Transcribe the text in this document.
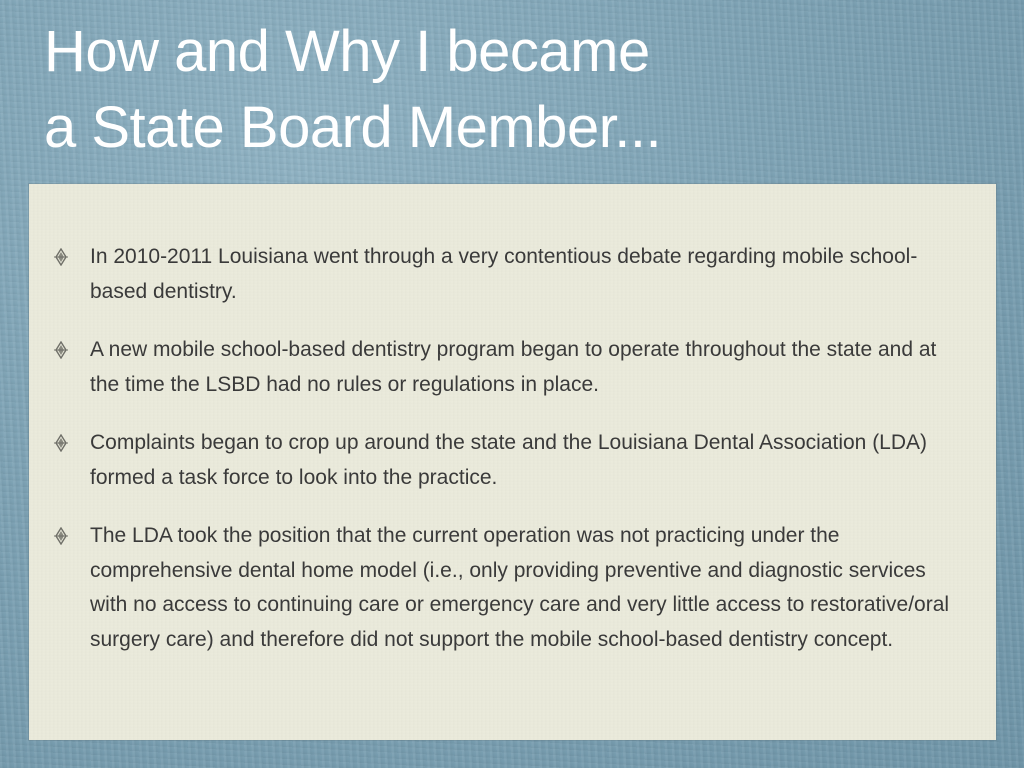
How and Why I became
a State Board Member...
In 2010-2011 Louisiana went through a very contentious debate regarding mobile school-based dentistry.
A new mobile school-based dentistry program began to operate throughout the state and at the time the LSBD had no rules or regulations in place.
Complaints began to crop up around the state and the Louisiana Dental Association (LDA) formed a task force to look into the practice.
The LDA took the position that the current operation was not practicing under the comprehensive dental home model (i.e., only providing preventive and diagnostic services with no access to continuing care or emergency care and very little access to restorative/oral surgery care) and therefore did not support the mobile school-based dentistry concept.
